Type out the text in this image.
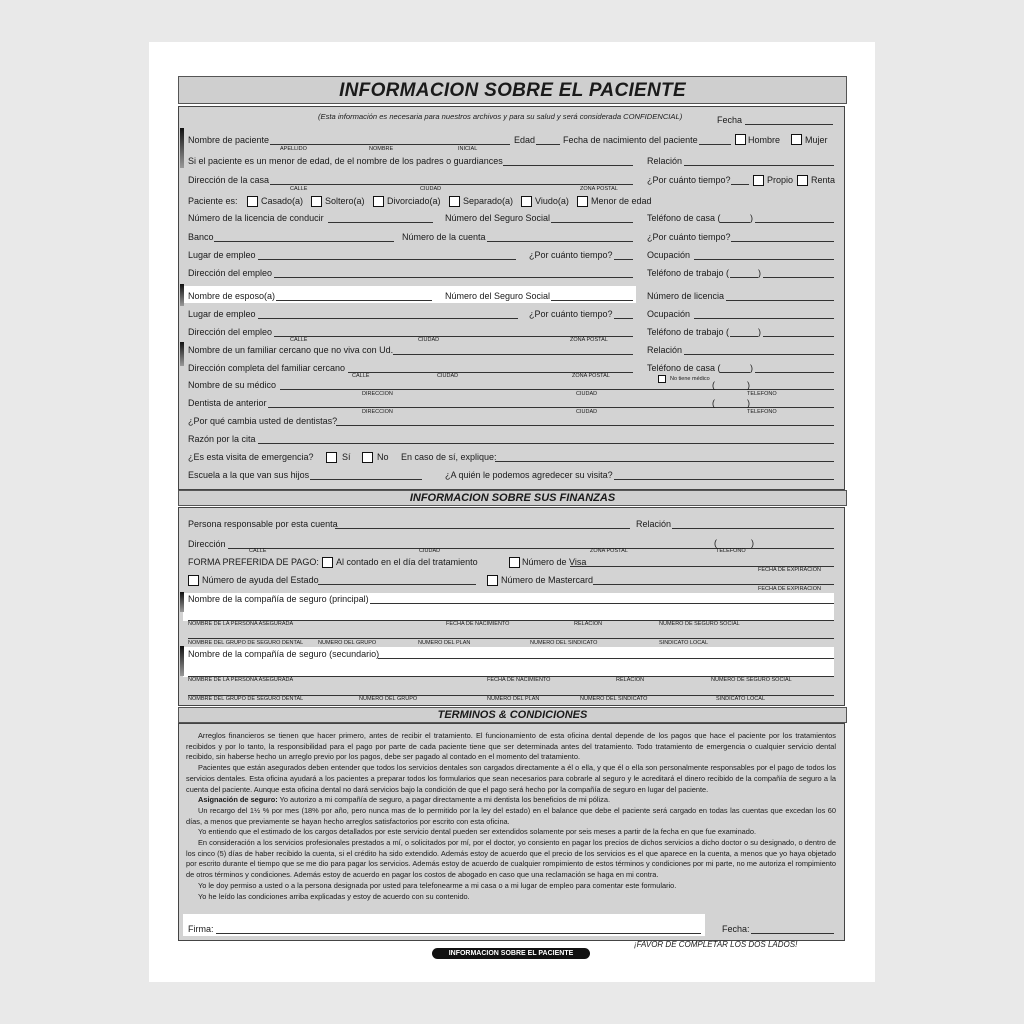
INFORMACION SOBRE EL PACIENTE
(Esta información es necesaria para nuestros archivos y para su salud y será considerada CONFIDENCIAL)	Fecha
Nombre de paciente
APELLIDO	NOMBRE	INICIAL
Edad	Fecha de nacimiento del paciente	Hombre	Mujer
Si el paciente es un menor de edad, de el nombre de los padres o guardiances	Relación
Dirección de la casa
CALLE	CIUDAD	ZONA POSTAL
¿Por cuánto tiempo?	Propio Renta
Paciente es:	Casado(a) Soltero(a) Divorciado(a) Separado(a) Viudo(a) Menor de edad
Número de la licencia de conducir	Número del Seguro Social	Teléfono de casa (	)
Banco	Número de la cuenta	¿Por cuánto tiempo?
Lugar de empleo	¿Por cuánto tiempo?	Ocupación
Dirección del empleo	Teléfono de trabajo (	)
Nombre de esposo(a)	Número del Seguro Social	Número de licencia
Lugar de empleo	¿Por cuánto tiempo?	Ocupación
Dirección del empleo
CALLE	CIUDAD	ZONA POSTAL
Teléfono de trabajo (	)
Nombre de un familiar cercano que no viva con Ud.	Relación
Dirección completa del familiar cercano
CALLE	CIUDAD	ZONA POSTAL
Teléfono de casa (	)
Nombre de su médico
No tiene médico
(	)
DIRECCION	CIUDAD	TELEFONO
Dentista de anterior	(	)
DIRECCION	CIUDAD	TELEFONO
¿Por qué cambia usted de dentistas?
Razón por la cita
¿Es esta visita de emergencia?	Sí	No En caso de sí, explique:
Escuela a la que van sus hijos	¿A quién le podemos agredecer su visita?
INFORMACION SOBRE SUS FINANZAS
Persona responsable por esta cuenta	Relación
Dirección
CALLE	CIUDAD	ZONA POSTAL
(	)
TELEFONO
FORMA PREFERIDA DE PAGO: Al contado en el día del tratamiento	Número de Visa
FECHA DE EXPIRACION
Número de ayuda del Estado	Número de Mastercard
FECHA DE EXPIRACION
Nombre de la compañía de seguro (principal)
NOMBRE DE LA PERSONA ASEGURADA	FECHA DE NACIMIENTO	RELACION	NUMERO DE SEGURO SOCIAL
NOMBRE DEL GRUPO DE SEGURO DENTAL	NUMERO DEL GRUPO	NUMERO DEL PLAN	NUMERO DEL SINDICATO	SINDICATO LOCAL
Nombre de la compañía de seguro (secundario)
NOMBRE DE LA PERSONA ASEGURADA	FECHA DE NACIMIENTO	RELACION	NUMERO DE SEGURO SOCIAL
NOMBRE DEL GRUPO DE SEGURO DENTAL	NUMERO DEL GRUPO	NUMERO DEL PLAN	NUMERO DEL SINDICATO	SINDICATO LOCAL
TERMINOS & CONDICIONES

Arreglos financieros se tienen que hacer primero, antes de recibir el tratamiento. El funcionamiento de esta oficina dental depende de los pagos que hace el paciente por los tratamientos recibidos y por lo tanto, la responsibilidad para el pago por parte de cada paciente tiene que ser determinada antes del tratamiento. Todo tratamiento de emergencia o cualquier servicio dental recibido, sin haberse hecho un arreglo previo por los pagos, debe ser pagado al contado en el momento del tratamiento.

Pacientes que están asegurados deben entender que todos los servicios dentales son cargados directamente a él o ella, y que él o ella son personalmente responsables por el pago de todos los servicios dentales. Esta oficina ayudará a los pacientes a preparar todos los formularios que sean necesarios para cobrarle al seguro y le acreditará el dinero recibido de la compañía de seguro a la cuenta del paciente. Aunque esta oficina dental no dará servicios bajo la condición de que el pago será hecho por la compañía de seguro en lugar del paciente.

Asignación de seguro: Yo autorizo a mi compañía de seguro, a pagar directamente a mi dentista los beneficios de mi póliza.

Un recargo del 1½ % por mes (18% por año, pero nunca mas de lo permitido por la ley del estado) en el balance que debe el paciente será cargado en todas las cuentas que excedan los 60 días, a menos que previamente se hayan hecho arreglos satisfactorios por escrito con esta oficina.

Yo entiendo que el estimado de los cargos detallados por este servicio dental pueden ser extendidos solamente por seis meses a partir de la fecha en que fue examinado.

En consideración a los servicios profesionales prestados a mí, o solicitados por mí, por el doctor, yo consiento en pagar los precios de dichos servicios a dicho doctor o su designado, o dentro de los cinco (5) días de haber recibido la cuenta, si el crédito ha sido extendido. Además estoy de acuerdo que el precio de los servicios es el que aparece en la cuenta, a menos que yo haya objetado por escrito durante el tiempo que se me dio para pagar los servicios. Además estoy de acuerdo de cualquier rompimiento de estos términos y condiciones por mi parte, no me autoriza el rompimiento de otros términos y condiciones. Además estoy de acuerdo en pagar los costos de abogado en caso que una reclamación se haga en mi contra.

Yo le doy permiso a usted o a la persona designada por usted para telefonearme a mi casa o a mi lugar de empleo para comentar este formulario.

Yo he leído las condiciones arriba explicadas y estoy de acuerdo con su contenido.

Firma:	Fecha:
INFORMACION SOBRE EL PACIENTE
¡FAVOR DE COMPLETAR LOS DOS LADOS!
